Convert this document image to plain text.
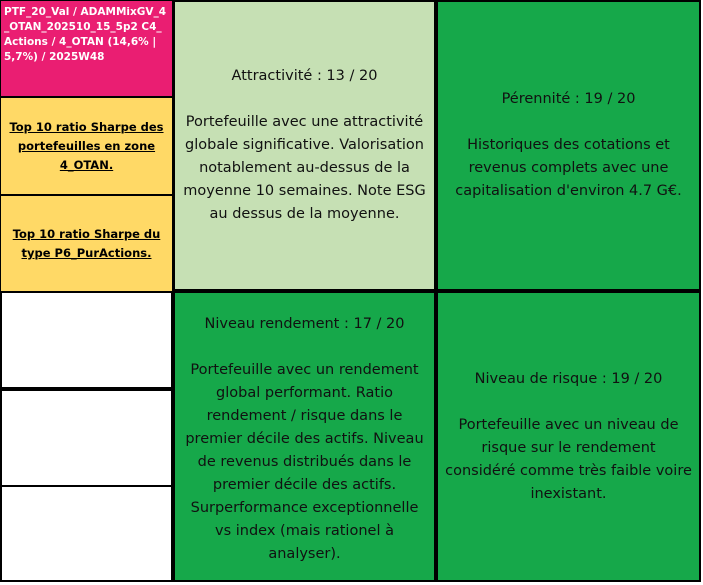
PTF_20_Val / ADAMMixGV_4_OTAN_202510_15_5p2 C4_Actions / 4_OTAN (14,6% | 5,7%) / 2025W48
Top 10 ratio Sharpe des portefeuilles en zone 4_OTAN.
Top 10 ratio Sharpe du type P6_PurActions.
Attractivité : 13 / 20
Portefeuille avec une attractivité globale significative. Valorisation notablement au-dessus de la moyenne 10 semaines. Note ESG au dessus de la moyenne.
Pérennité : 19 / 20
Historiques des cotations et revenus complets avec une capitalisation d'environ 4.7 G€.
Niveau rendement : 17 / 20
Portefeuille avec un rendement global performant. Ratio rendement / risque dans le premier décile des actifs. Niveau de revenus distribués dans le premier décile des actifs. Surperformance exceptionnelle vs index (mais rationel à analyser).
Niveau de risque : 19 / 20
Portefeuille avec un niveau de risque sur le rendement considéré comme très faible voire inexistant.
